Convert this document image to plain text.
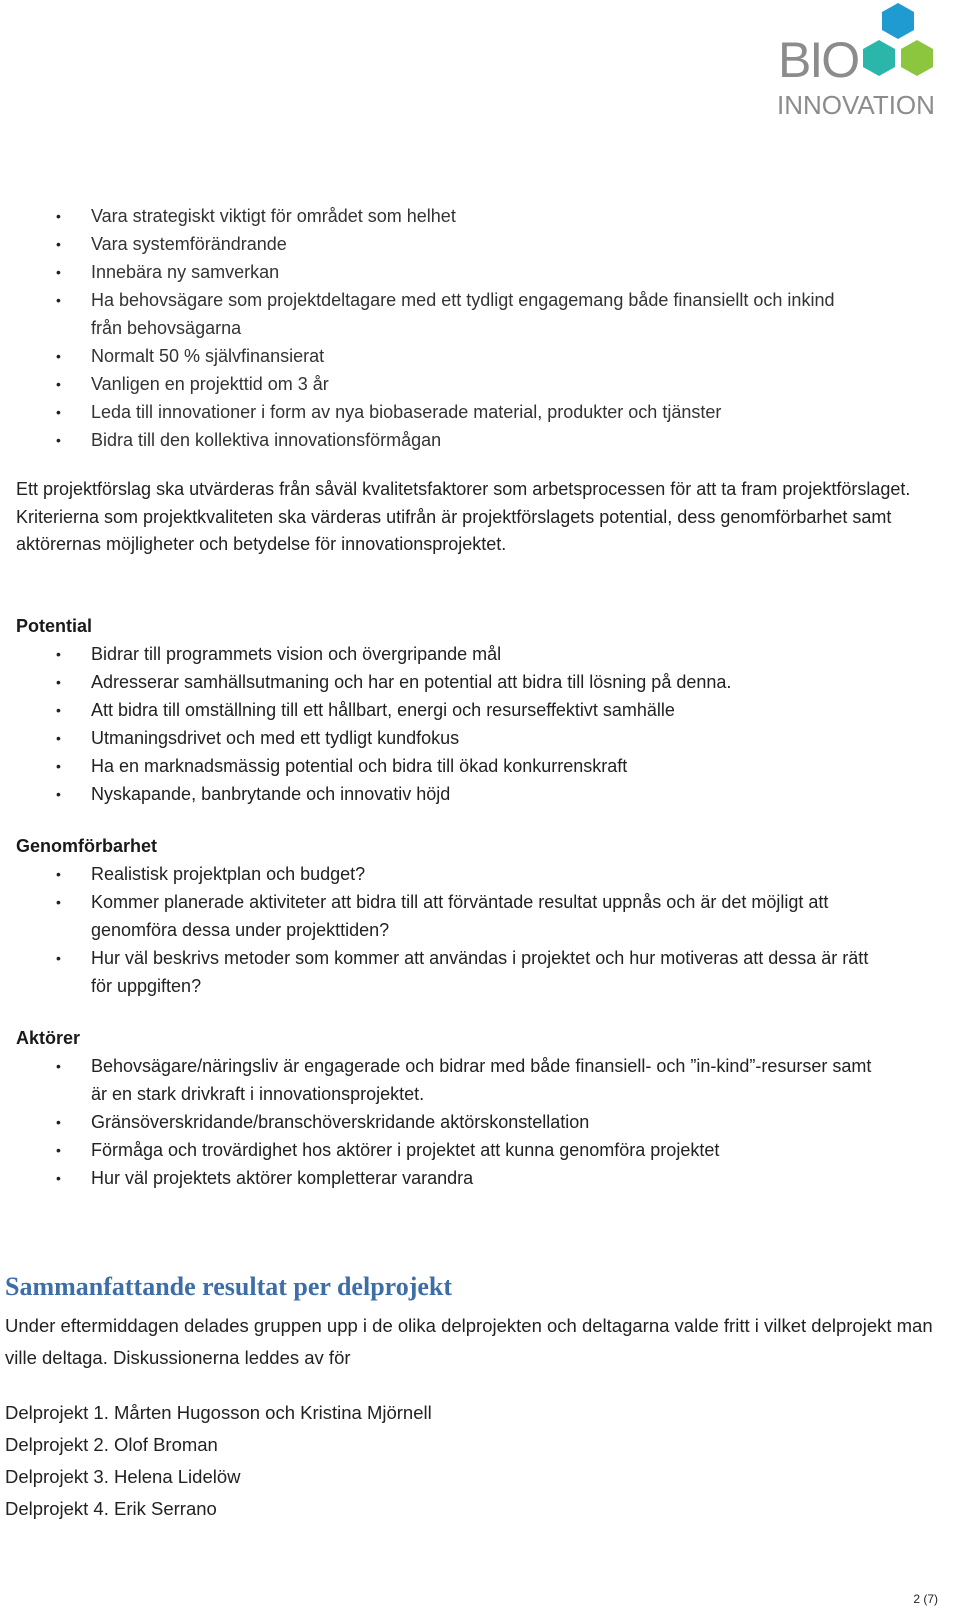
BIO
INNOVATION
• Vara strategiskt viktigt för området som helhet
• Vara systemförändrande
• Innebära ny samverkan
• Ha behovsägare som projektdeltagare med ett tydligt engagemang både finansiellt och inkind från behovsägarna
• Normalt 50 % självfinansierat
• Vanligen en projekttid om 3 år
• Leda till innovationer i form av nya biobaserade material, produkter och tjänster
• Bidra till den kollektiva innovationsförmågan
Ett projektförslag ska utvärderas från såväl kvalitetsfaktorer som arbetsprocessen för att ta fram projektförslaget. Kriterierna som projektkvaliteten ska värderas utifrån är projektförslagets potential, dess genomförbarhet samt aktörernas möjligheter och betydelse för innovationsprojektet.
Potential
• Bidrar till programmets vision och övergripande mål
• Adresserar samhällsutmaning och har en potential att bidra till lösning på denna.
• Att bidra till omställning till ett hållbart, energi och resurseffektivt samhälle
• Utmaningsdrivet och med ett tydligt kundfokus
• Ha en marknadsmässig potential och bidra till ökad konkurrenskraft
• Nyskapande, banbrytande och innovativ höjd
Genomförbarhet
• Realistisk projektplan och budget?
• Kommer planerade aktiviteter att bidra till att förväntade resultat uppnås och är det möjligt att genomföra dessa under projekttiden?
• Hur väl beskrivs metoder som kommer att användas i projektet och hur motiveras att dessa är rätt för uppgiften?
Aktörer
• Behovsägare/näringsliv är engagerade och bidrar med både finansiell- och ”in-kind”-resurser samt är en stark drivkraft i innovationsprojektet.
• Gränsöverskridande/branschöverskridande aktörskonstellation
• Förmåga och trovärdighet hos aktörer i projektet att kunna genomföra projektet
• Hur väl projektets aktörer kompletterar varandra
Sammanfattande resultat per delprojekt
Under eftermiddagen delades gruppen upp i de olika delprojekten och deltagarna valde fritt i vilket delprojekt man ville deltaga. Diskussionerna leddes av för
Delprojekt 1. Mårten Hugosson och Kristina Mjörnell
Delprojekt 2. Olof Broman
Delprojekt 3. Helena Lidelöw
Delprojekt 4. Erik Serrano
2 (7)
